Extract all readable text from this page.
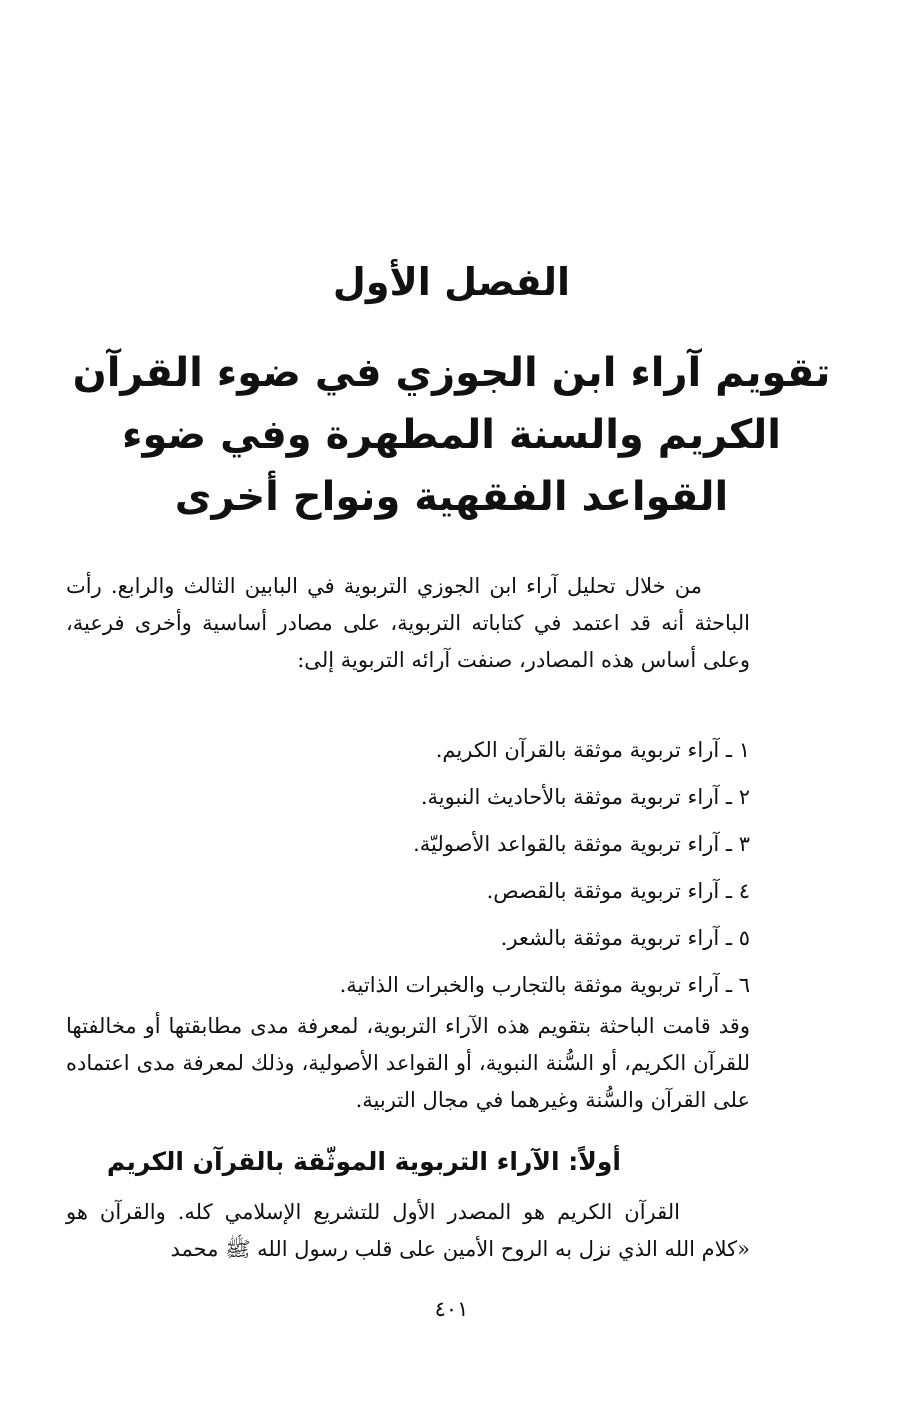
الفصل الأول
تقويم آراء ابن الجوزي في ضوء القرآن
الكريم والسنة المطهرة وفي ضوء
القواعد الفقهية ونواح أخرى

من خلال تحليل آراء ابن الجوزي التربوية في البابين الثالث والرابع. رأت الباحثة أنه قد اعتمد في كتاباته التربوية، على مصادر أساسية وأخرى فرعية، وعلى أساس هذه المصادر، صنفت آرائه التربوية إلى:

١ ـ آراء تربوية موثقة بالقرآن الكريم.
٢ ـ آراء تربوية موثقة بالأحاديث النبوية.
٣ ـ آراء تربوية موثقة بالقواعد الأصوليّة.
٤ ـ آراء تربوية موثقة بالقصص.
٥ ـ آراء تربوية موثقة بالشعر.
٦ ـ آراء تربوية موثقة بالتجارب والخبرات الذاتية.

وقد قامت الباحثة بتقويم هذه الآراء التربوية، لمعرفة مدى مطابقتها أو مخالفتها للقرآن الكريم، أو السُّنة النبوية، أو القواعد الأصولية، وذلك لمعرفة مدى اعتماده على القرآن والسُّنة وغيرهما في مجال التربية.

أولاً: الآراء التربوية الموثّقة بالقرآن الكريم

القرآن الكريم هو المصدر الأول للتشريع الإسلامي كله. والقرآن هو «كلام الله الذي نزل به الروح الأمين على قلب رسول الله ﷺ محمد

٤٠١
